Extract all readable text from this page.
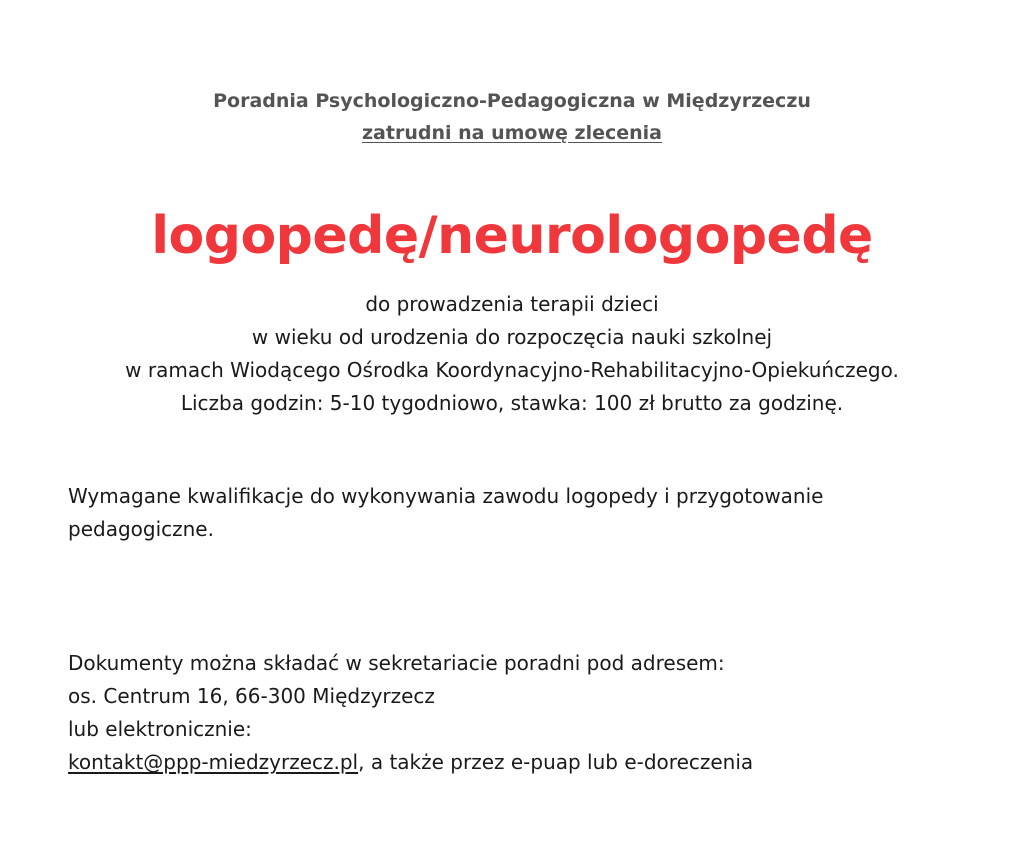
Poradnia Psychologiczno-Pedagogiczna w Międzyrzeczu
zatrudni na umowę zlecenia
logopedę/neurologopedę
do prowadzenia terapii dzieci
w wieku od urodzenia do rozpoczęcia nauki szkolnej
w ramach Wiodącego Ośrodka Koordynacyjno-Rehabilitacyjno-Opiekuńczego.
Liczba godzin: 5-10 tygodniowo, stawka: 100 zł brutto za godzinę.
Wymagane kwalifikacje do wykonywania zawodu logopedy i przygotowanie pedagogiczne.
Dokumenty można składać w sekretariacie poradni pod adresem:
os. Centrum 16, 66-300 Międzyrzecz
lub elektronicznie:
kontakt@ppp-miedzyrzecz.pl, a także przez e-puap lub e-doreczenia
